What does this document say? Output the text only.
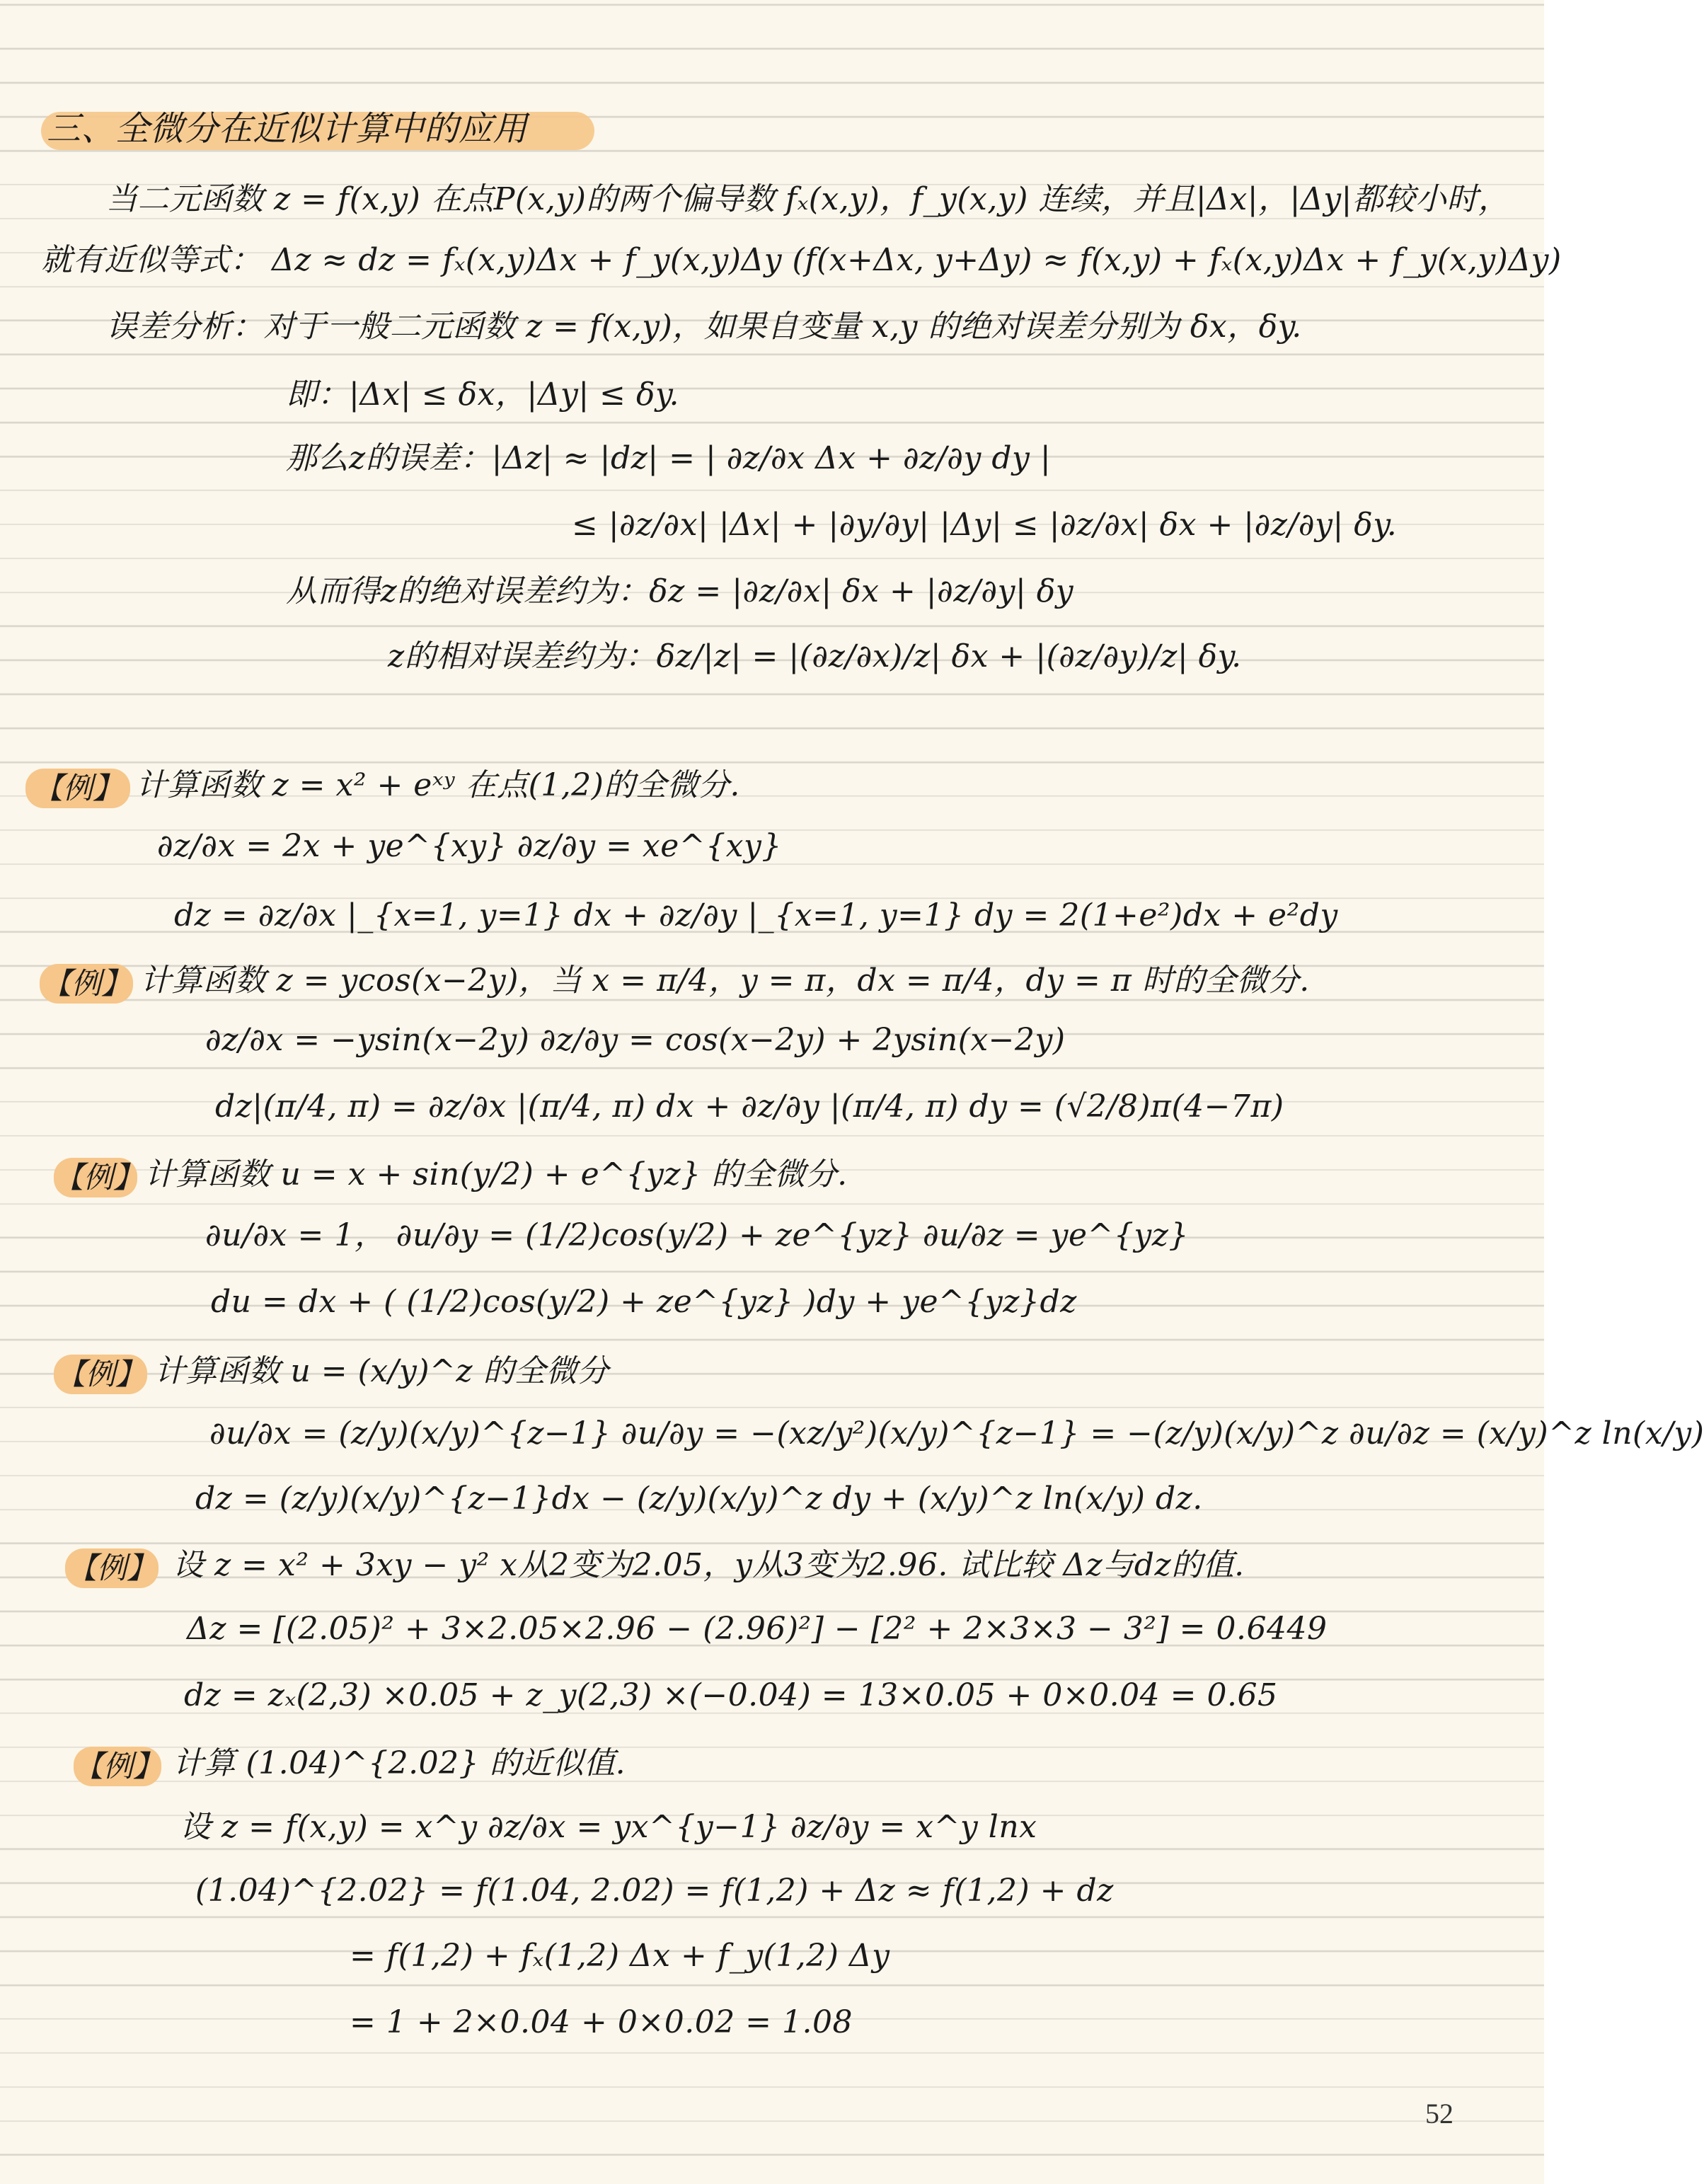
三、全微分在近似计算中的应用
当二元函数 z = f(x,y) 在点P(x,y)的两个偏导数 fₓ(x,y)，f_y(x,y) 连续，并且|Δx|，|Δy|都较小时，
就有近似等式： Δz ≈ dz = fₓ(x,y)Δx + f_y(x,y)Δy (f(x+Δx, y+Δy) ≈ f(x,y) + fₓ(x,y)Δx + f_y(x,y)Δy)
误差分析：对于一般二元函数 z = f(x,y)，如果自变量 x,y 的绝对误差分别为 δx，δy.
即：|Δx| ≤ δx，|Δy| ≤ δy.
那么z的误差：|Δz| ≈ |dz| = | ∂z/∂x Δx + ∂z/∂y dy |
≤ |∂z/∂x| |Δx| + |∂y/∂y| |Δy| ≤ |∂z/∂x| δx + |∂z/∂y| δy.
从而得z的绝对误差约为：δz = |∂z/∂x| δx + |∂z/∂y| δy
z的相对误差约为：δz/|z| = |(∂z/∂x)/z| δx + |(∂z/∂y)/z| δy.
【例】 计算函数 z = x² + eˣʸ 在点(1,2)的全微分.
∂z/∂x = 2x + ye^{xy} ∂z/∂y = xe^{xy}
dz = ∂z/∂x |_{x=1, y=1} dx + ∂z/∂y |_{x=1, y=1} dy = 2(1+e²)dx + e²dy
【例】 计算函数 z = ycos(x−2y)，当 x = π/4，y = π，dx = π/4，dy = π 时的全微分.
∂z/∂x = −ysin(x−2y) ∂z/∂y = cos(x−2y) + 2ysin(x−2y)
dz|(π/4, π) = ∂z/∂x |(π/4, π) dx + ∂z/∂y |(π/4, π) dy = (√2/8)π(4−7π)
【例】 计算函数 u = x + sin(y/2) + e^{yz} 的全微分.
∂u/∂x = 1， ∂u/∂y = (1/2)cos(y/2) + ze^{yz} ∂u/∂z = ye^{yz}
du = dx + ( (1/2)cos(y/2) + ze^{yz} )dy + ye^{yz}dz
【例】 计算函数 u = (x/y)^z 的全微分
∂u/∂x = (z/y)(x/y)^{z−1} ∂u/∂y = −(xz/y²)(x/y)^{z−1} = −(z/y)(x/y)^z ∂u/∂z = (x/y)^z ln(x/y)
dz = (z/y)(x/y)^{z−1}dx − (z/y)(x/y)^z dy + (x/y)^z ln(x/y) dz.
【例】 设 z = x² + 3xy − y² x从2变为2.05，y从3变为2.96. 试比较 Δz与dz的值.
Δz = [(2.05)² + 3×2.05×2.96 − (2.96)²] − [2² + 2×3×3 − 3²] = 0.6449
dz = zₓ(2,3) ×0.05 + z_y(2,3) ×(−0.04) = 13×0.05 + 0×0.04 = 0.65
【例】 计算 (1.04)^{2.02} 的近似值.
设 z = f(x,y) = x^y ∂z/∂x = yx^{y−1} ∂z/∂y = x^y lnx
(1.04)^{2.02} = f(1.04, 2.02) = f(1,2) + Δz ≈ f(1,2) + dz
= f(1,2) + fₓ(1,2) Δx + f_y(1,2) Δy
= 1 + 2×0.04 + 0×0.02 = 1.08
52
